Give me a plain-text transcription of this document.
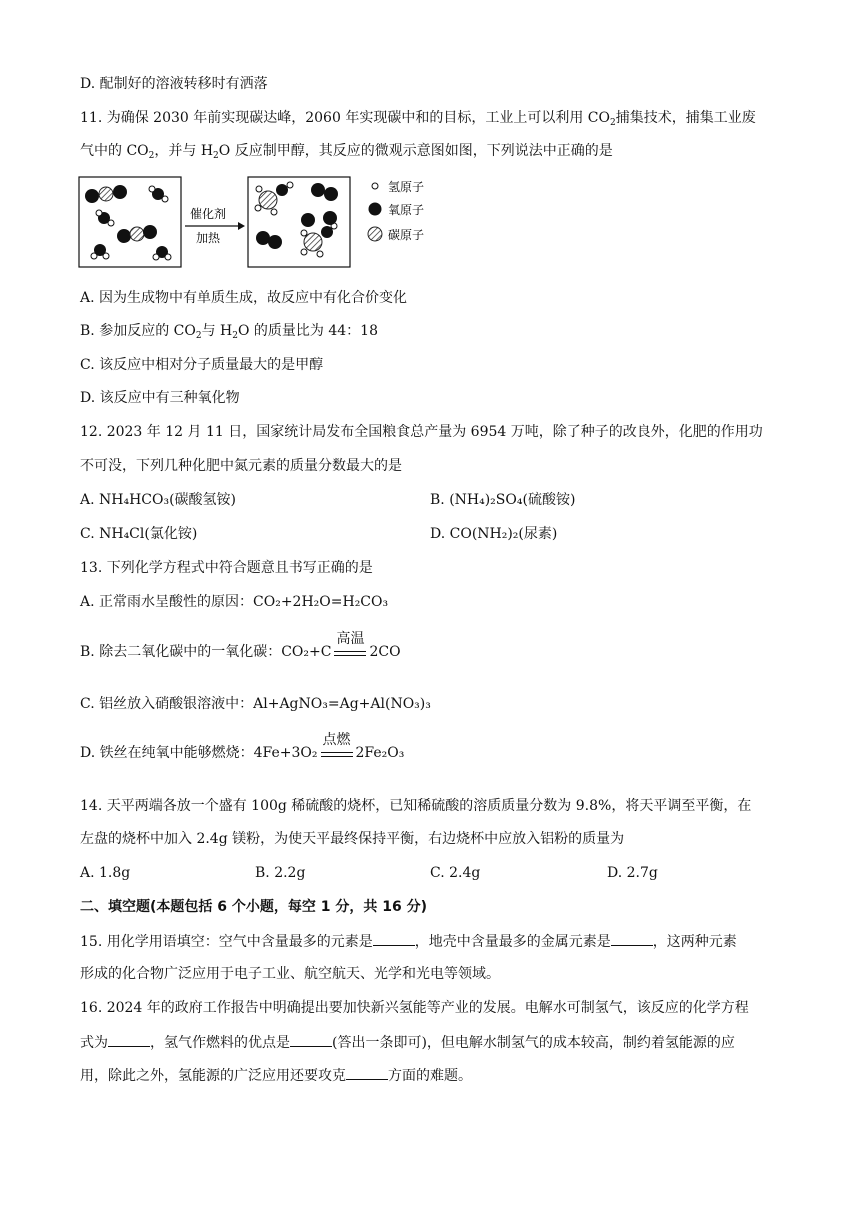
D. 配制好的溶液转移时有洒落
11. 为确保 2030 年前实现碳达峰，2060 年实现碳中和的目标，工业上可以利用 $CO_2$捕集技术，捕集工业废
气中的 $CO_2$，并与 $H_2O$ 反应制甲醇，其反应的微观示意图如图，下列说法中正确的是
催化剂
加热
氢原子
氧原子
碳原子
A. 因为生成物中有单质生成，故反应中有化合价变化
B. 参加反应的 $CO_2$与 $H_2O$ 的质量比为 44：18
C. 该反应中相对分子质量最大的是甲醇
D. 该反应中有三种氧化物
12. 2023 年 12 月 11 日，国家统计局发布全国粮食总产量为 6954 万吨，除了种子的改良外，化肥的作用功
不可没，下列几种化肥中氮元素的质量分数最大的是
A. NH₄HCO₃(碳酸氢铵)	B. (NH₄)₂SO₄(硫酸铵)
C. NH₄Cl(氯化铵)	D. CO(NH₂)₂(尿素)
13. 下列化学方程式中符合题意且书写正确的是
A. 正常雨水呈酸性的原因：CO₂+2H₂O=H₂CO₃
B. 除去二氧化碳中的一氧化碳：CO₂+C
高温
2CO
C. 铝丝放入硝酸银溶液中：Al+AgNO₃=Ag+Al(NO₃)₃
D. 铁丝在纯氧中能够燃烧：4Fe+3O₂
点燃
2Fe₂O₃
14. 天平两端各放一个盛有 100g 稀硫酸的烧杯，已知稀硫酸的溶质质量分数为 9.8%，将天平调至平衡，在
左盘的烧杯中加入 2.4g 镁粉，为使天平最终保持平衡，右边烧杯中应放入铝粉的质量为
A. 1.8g	B. 2.2g	C. 2.4g	D. 2.7g
二、填空题(本题包括 6 个小题，每空 1 分，共 16 分)
15. 用化学用语填空：空气中含量最多的元素是	，地壳中含量最多的金属元素是	，这两种元素
形成的化合物广泛应用于电子工业、航空航天、光学和光电等领域。
16. 2024 年的政府工作报告中明确提出要加快新兴氢能等产业的发展。电解水可制氢气，该反应的化学方程
式为	，氢气作燃料的优点是	(答出一条即可)，但电解水制氢气的成本较高，制约着氢能源的应
用，除此之外，氢能源的广泛应用还要攻克	方面的难题。
